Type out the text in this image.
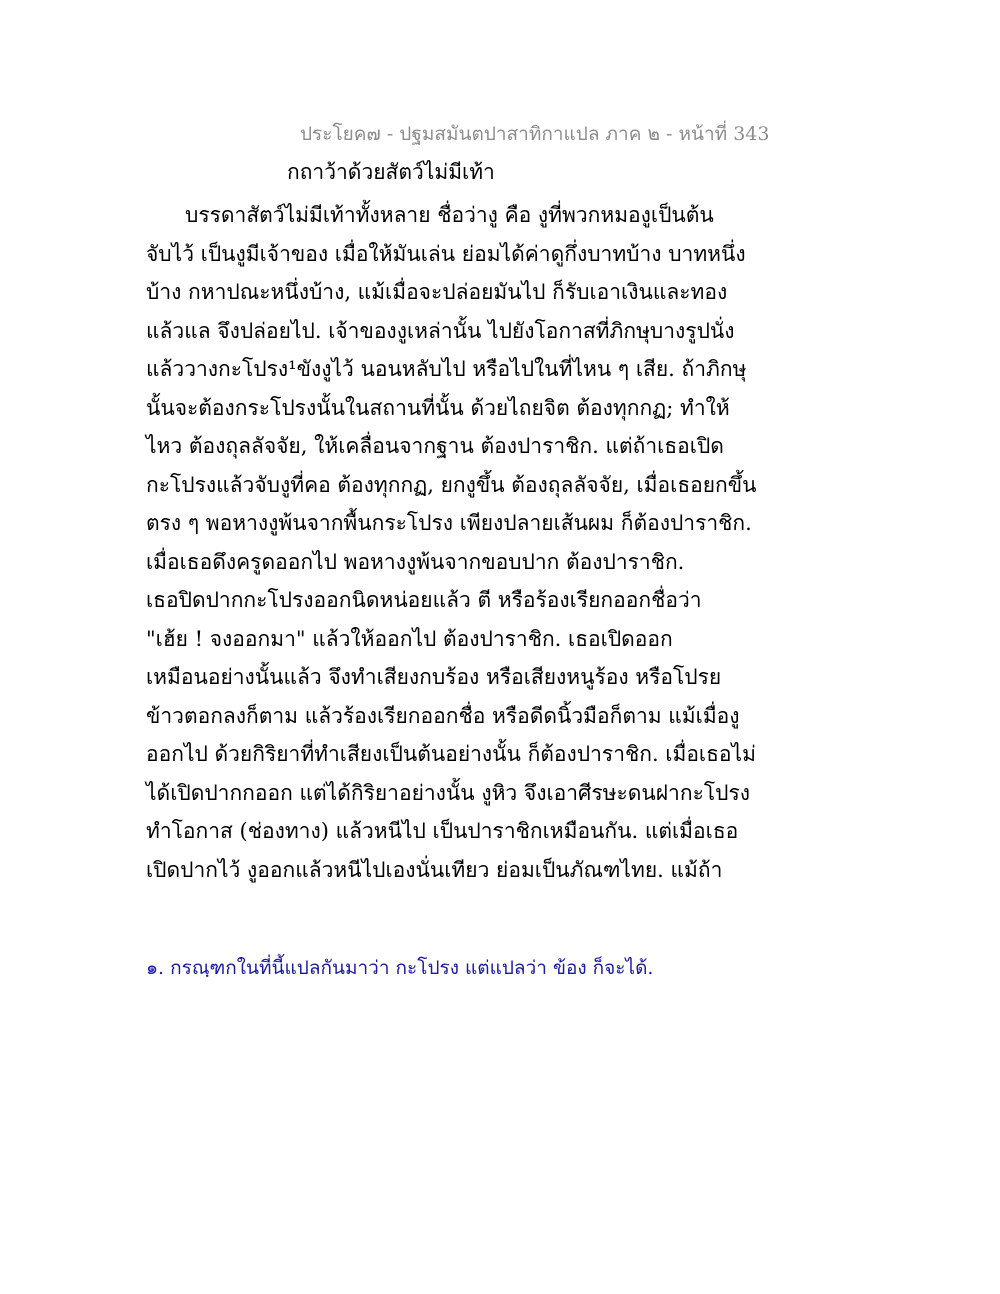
ประโยค๗ - ปฐมสมันตปาสาทิกาแปล ภาค ๒ - หน้าที่ 343
กถาว้าด้วยสัตว์ไม่มีเท้า
บรรดาสัตว์ไม่มีเท้าทั้งหลาย ชื่อว่างู คือ งูที่พวกหมองูเป็นต้น
จับไว้ เป็นงูมีเจ้าของ เมื่อให้มันเล่น ย่อมได้ค่าดูกึ่งบาทบ้าง บาทหนึ่ง
บ้าง กหาปณะหนึ่งบ้าง, แม้เมื่อจะปล่อยมันไป ก็รับเอาเงินและทอง
แล้วแล จึงปล่อยไป. เจ้าของงูเหล่านั้น ไปยังโอกาสที่ภิกษุบางรูปนั่ง
แล้ววางกะโปรง¹ขังงูไว้ นอนหลับไป หรือไปในที่ไหน ๆ เสีย. ถ้าภิกษุ
นั้นจะต้องกระโปรงนั้นในสถานที่นั้น ด้วยไถยจิต ต้องทุกกฏ; ทำให้
ไหว ต้องถุลลัจจัย, ให้เคลื่อนจากฐาน ต้องปาราชิก. แต่ถ้าเธอเปิด
กะโปรงแล้วจับงูที่คอ ต้องทุกกฏ, ยกงูขึ้น ต้องถุลลัจจัย, เมื่อเธอยกขึ้น
ตรง ๆ พอหางงูพ้นจากพื้นกระโปรง เพียงปลายเส้นผม ก็ต้องปาราชิก.
เมื่อเธอดึงครูดออกไป พอหางงูพ้นจากขอบปาก ต้องปาราชิก.
เธอปิดปากกะโปรงออกนิดหน่อยแล้ว ตี หรือร้องเรียกออกชื่อว่า
"เฮ้ย ! จงออกมา" แล้วให้ออกไป ต้องปาราชิก. เธอเปิดออก
เหมือนอย่างนั้นแล้ว จึงทำเสียงกบร้อง หรือเสียงหนูร้อง หรือโปรย
ข้าวตอกลงก็ตาม แล้วร้องเรียกออกชื่อ หรือดีดนิ้วมือก็ตาม แม้เมื่องู
ออกไป ด้วยกิริยาที่ทำเสียงเป็นต้นอย่างนั้น ก็ต้องปาราชิก. เมื่อเธอไม่
ได้เปิดปากกออก แต่ได้กิริยาอย่างนั้น งูหิว จึงเอาศีรษะดนฝากะโปรง
ทำโอกาส (ช่องทาง) แล้วหนีไป เป็นปาราชิกเหมือนกัน. แต่เมื่อเธอ
เปิดปากไว้ งูออกแล้วหนีไปเองนั่นเทียว ย่อมเป็นภัณฑไทย. แม้ถ้า
๑. กรณฺฑกในที่นี้แปลกันมาว่า กะโปรง แต่แปลว่า ข้อง ก็จะได้.
